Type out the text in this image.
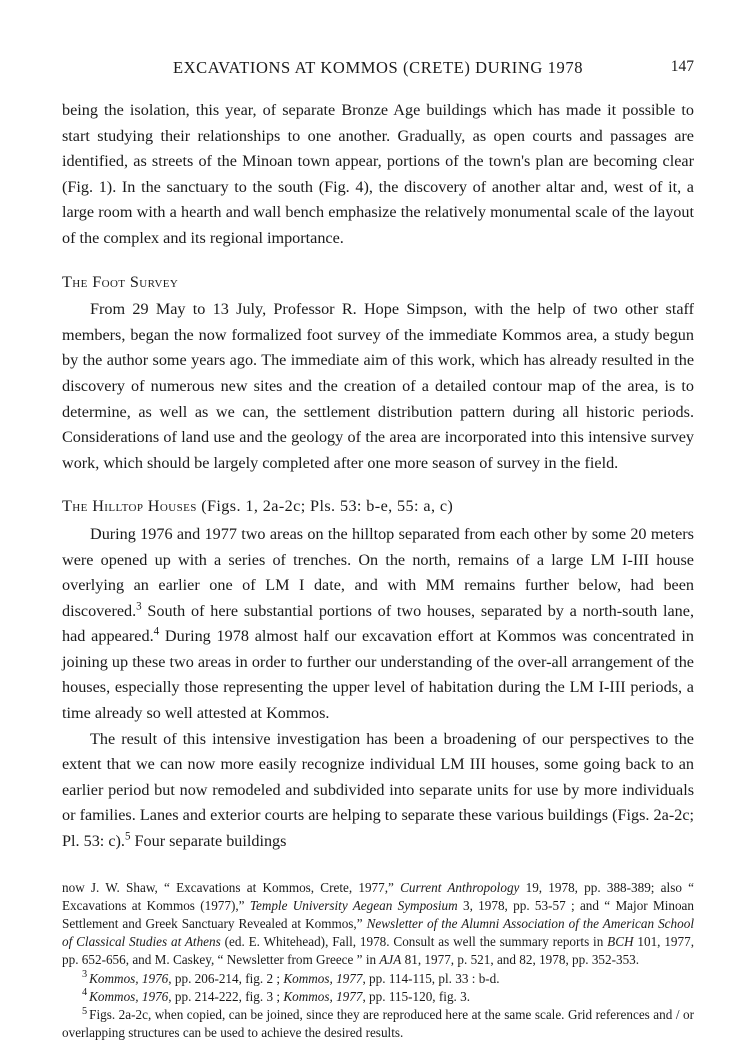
EXCAVATIONS AT KOMMOS (CRETE) DURING 1978	147

being the isolation, this year, of separate Bronze Age buildings which has made it possible to start studying their relationships to one another. Gradually, as open courts and passages are identified, as streets of the Minoan town appear, portions of the town's plan are becoming clear (Fig. 1). In the sanctuary to the south (Fig. 4), the discovery of another altar and, west of it, a large room with a hearth and wall bench emphasize the relatively monumental scale of the layout of the complex and its regional importance.

The Foot Survey

From 29 May to 13 July, Professor R. Hope Simpson, with the help of two other staff members, began the now formalized foot survey of the immediate Kommos area, a study begun by the author some years ago. The immediate aim of this work, which has already resulted in the discovery of numerous new sites and the creation of a detailed contour map of the area, is to determine, as well as we can, the settlement distribution pattern during all historic periods. Considerations of land use and the geology of the area are incorporated into this intensive survey work, which should be largely completed after one more season of survey in the field.

The Hilltop Houses (Figs. 1, 2a-2c; Pls. 53: b-e, 55: a, c)

During 1976 and 1977 two areas on the hilltop separated from each other by some 20 meters were opened up with a series of trenches. On the north, remains of a large LM I-III house overlying an earlier one of LM I date, and with MM remains further below, had been discovered.$^3$ South of here substantial portions of two houses, separated by a north-south lane, had appeared.$^4$ During 1978 almost half our excavation effort at Kommos was concentrated in joining up these two areas in order to further our understanding of the over-all arrangement of the houses, especially those representing the upper level of habitation during the LM I-III periods, a time already so well attested at Kommos.

The result of this intensive investigation has been a broadening of our perspectives to the extent that we can now more easily recognize individual LM III houses, some going back to an earlier period but now remodeled and subdivided into separate units for use by more individuals or families. Lanes and exterior courts are helping to separate these various buildings (Figs. 2a-2c; Pl. 53: c).$^5$ Four separate buildings

now J. W. Shaw, “ Excavations at Kommos, Crete, 1977,” Current Anthropology 19, 1978, pp. 388-389; also “ Excavations at Kommos (1977),” Temple University Aegean Symposium 3, 1978, pp. 53-57 ; and “ Major Minoan Settlement and Greek Sanctuary Revealed at Kommos,” Newsletter of the Alumni Association of the American School of Classical Studies at Athens (ed. E. Whitehead), Fall, 1978. Consult as well the summary reports in BCH 101, 1977, pp. 652-656, and M. Caskey, “ Newsletter from Greece ” in AJA 81, 1977, p. 521, and 82, 1978, pp. 352-353.

$^3$ Kommos, 1976, pp. 206-214, fig. 2 ; Kommos, 1977, pp. 114-115, pl. 33 : b-d.

$^4$ Kommos, 1976, pp. 214-222, fig. 3 ; Kommos, 1977, pp. 115-120, fig. 3.

$^5$ Figs. 2a-2c, when copied, can be joined, since they are reproduced here at the same scale. Grid references and / or overlapping structures can be used to achieve the desired results.
